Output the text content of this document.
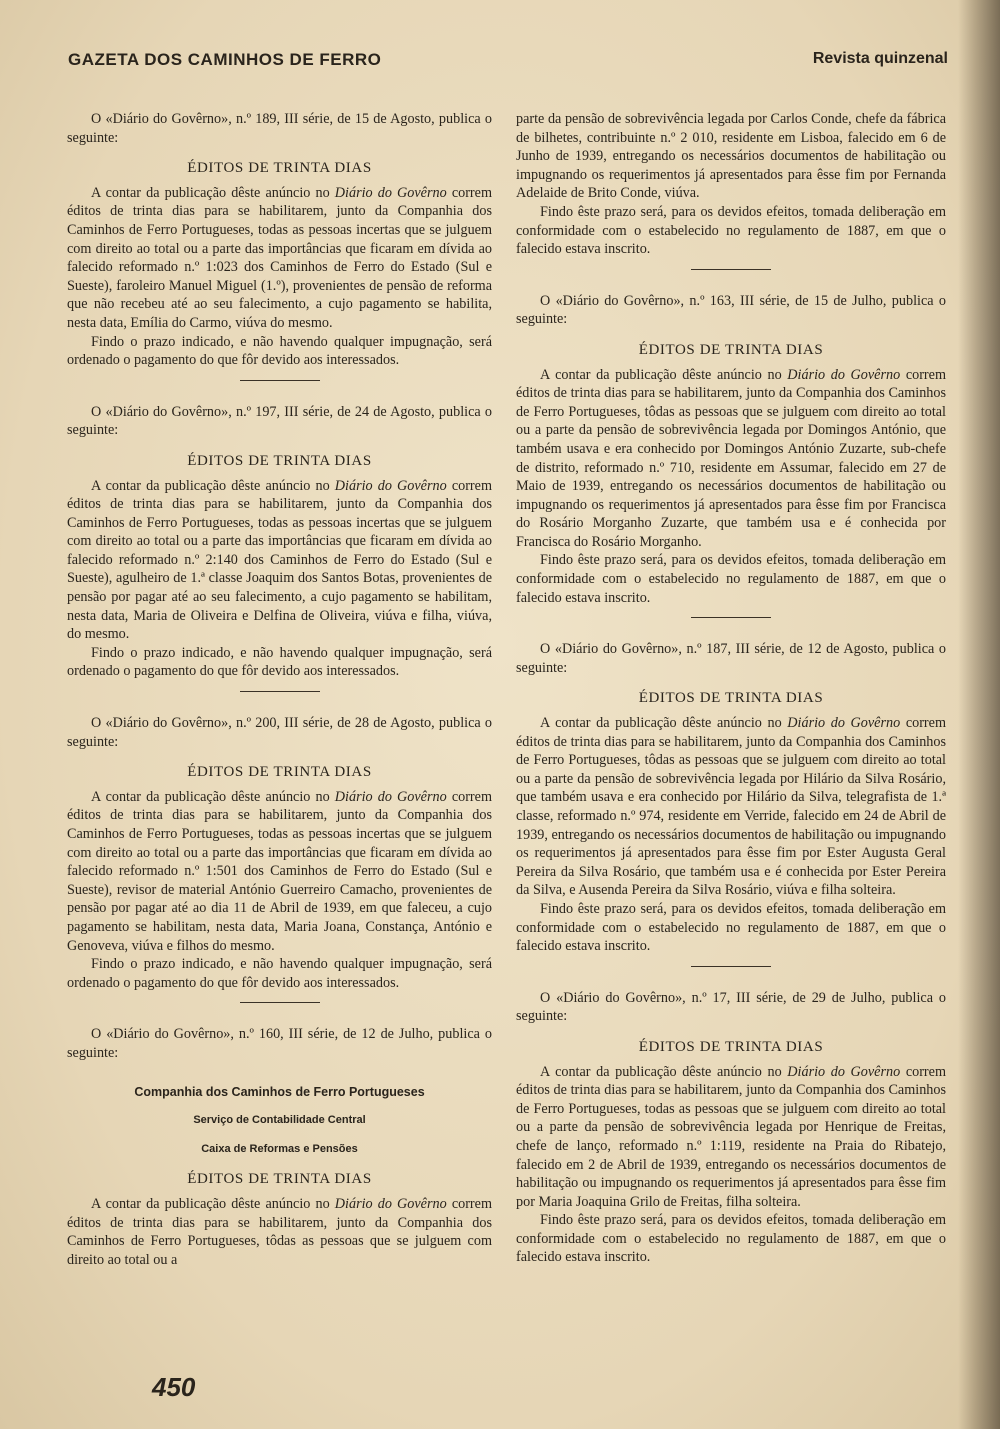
GAZETA DOS CAMINHOS DE FERRO	Revista quinzenal

O «Diário do Govêrno», n.º 189, III série, de 15 de Agosto, publica o seguinte:

ÉDITOS DE TRINTA DIAS

A contar da publicação dêste anúncio no Diário do Govêrno correm éditos de trinta dias para se habilitarem, junto da Companhia dos Caminhos de Ferro Portugueses, todas as pessoas incertas que se julguem com direito ao total ou a parte das importâncias que ficaram em dívida ao falecido reformado n.º 1:023 dos Caminhos de Ferro do Estado (Sul e Sueste), faroleiro Manuel Miguel (1.º), provenientes de pensão de reforma que não recebeu até ao seu falecimento, a cujo pagamento se habilita, nesta data, Emília do Carmo, viúva do mesmo.

Findo o prazo indicado, e não havendo qualquer impugnação, será ordenado o pagamento do que fôr devido aos interessados.

O «Diário do Govêrno», n.º 197, III série, de 24 de Agosto, publica o seguinte:

ÉDITOS DE TRINTA DIAS

A contar da publicação dêste anúncio no Diário do Govêrno correm éditos de trinta dias para se habilitarem, junto da Companhia dos Caminhos de Ferro Portugueses, todas as pessoas incertas que se julguem com direito ao total ou a parte das importâncias que ficaram em dívida ao falecido reformado n.º 2:140 dos Caminhos de Ferro do Estado (Sul e Sueste), agulheiro de 1.ª classe Joaquim dos Santos Botas, provenientes de pensão por pagar até ao seu falecimento, a cujo pagamento se habilitam, nesta data, Maria de Oliveira e Delfina de Oliveira, viúva e filha, viúva, do mesmo.

Findo o prazo indicado, e não havendo qualquer impugnação, será ordenado o pagamento do que fôr devido aos interessados.

O «Diário do Govêrno», n.º 200, III série, de 28 de Agosto, publica o seguinte:

ÉDITOS DE TRINTA DIAS

A contar da publicação dêste anúncio no Diário do Govêrno correm éditos de trinta dias para se habilitarem, junto da Companhia dos Caminhos de Ferro Portugueses, todas as pessoas incertas que se julguem com direito ao total ou a parte das importâncias que ficaram em dívida ao falecido reformado n.º 1:501 dos Caminhos de Ferro do Estado (Sul e Sueste), revisor de material António Guerreiro Camacho, provenientes de pensão por pagar até ao dia 11 de Abril de 1939, em que faleceu, a cujo pagamento se habilitam, nesta data, Maria Joana, Constança, António e Genoveva, viúva e filhos do mesmo.

Findo o prazo indicado, e não havendo qualquer impugnação, será ordenado o pagamento do que fôr devido aos interessados.

O «Diário do Govêrno», n.º 160, III série, de 12 de Julho, publica o seguinte:

Companhia dos Caminhos de Ferro Portugueses
Serviço de Contabilidade Central
Caixa de Reformas e Pensões
ÉDITOS DE TRINTA DIAS

A contar da publicação dêste anúncio no Diário do Govêrno correm éditos de trinta dias para se habilitarem, junto da Companhia dos Caminhos de Ferro Portugueses, tôdas as pessoas que se julguem com direito ao total ou a

parte da pensão de sobrevivência legada por Carlos Conde, chefe da fábrica de bilhetes, contribuinte n.º 2 010, residente em Lisboa, falecido em 6 de Junho de 1939, entregando os necessários documentos de habilitação ou impugnando os requerimentos já apresentados para êsse fim por Fernanda Adelaide de Brito Conde, viúva.

Findo êste prazo será, para os devidos efeitos, tomada deliberação em conformidade com o estabelecido no regulamento de 1887, em que o falecido estava inscrito.

O «Diário do Govêrno», n.º 163, III série, de 15 de Julho, publica o seguinte:

ÉDITOS DE TRINTA DIAS

A contar da publicação dêste anúncio no Diário do Govêrno correm éditos de trinta dias para se habilitarem, junto da Companhia dos Caminhos de Ferro Portugueses, tôdas as pessoas que se julguem com direito ao total ou a parte da pensão de sobrevivência legada por Domingos António, que também usava e era conhecido por Domingos António Zuzarte, sub-chefe de distrito, reformado n.º 710, residente em Assumar, falecido em 27 de Maio de 1939, entregando os necessários documentos de habilitação ou impugnando os requerimentos já apresentados para êsse fim por Francisca do Rosário Morganho Zuzarte, que também usa e é conhecida por Francisca do Rosário Morganho.

Findo êste prazo será, para os devidos efeitos, tomada deliberação em conformidade com o estabelecido no regulamento de 1887, em que o falecido estava inscrito.

O «Diário do Govêrno», n.º 187, III série, de 12 de Agosto, publica o seguinte:

ÉDITOS DE TRINTA DIAS

A contar da publicação dêste anúncio no Diário do Govêrno correm éditos de trinta dias para se habilitarem, junto da Companhia dos Caminhos de Ferro Portugueses, tôdas as pessoas que se julguem com direito ao total ou a parte da pensão de sobrevivência legada por Hilário da Silva Rosário, que também usava e era conhecido por Hilário da Silva, telegrafista de 1.ª classe, reformado n.º 974, residente em Verride, falecido em 24 de Abril de 1939, entregando os necessários documentos de habilitação ou impugnando os requerimentos já apresentados para êsse fim por Ester Augusta Geral Pereira da Silva Rosário, que também usa e é conhecida por Ester Pereira da Silva, e Ausenda Pereira da Silva Rosário, viúva e filha solteira.

Findo êste prazo será, para os devidos efeitos, tomada deliberação em conformidade com o estabelecido no regulamento de 1887, em que o falecido estava inscrito.

O «Diário do Govêrno», n.º 17, III série, de 29 de Julho, publica o seguinte:

ÉDITOS DE TRINTA DIAS

A contar da publicação dêste anúncio no Diário do Govêrno correm éditos de trinta dias para se habilitarem, junto da Companhia dos Caminhos de Ferro Portugueses, todas as pessoas que se julguem com direito ao total ou a parte da pensão de sobrevivência legada por Henrique de Freitas, chefe de lanço, reformado n.º 1:119, residente na Praia do Ribatejo, falecido em 2 de Abril de 1939, entregando os necessários documentos de habilitação ou impugnando os requerimentos já apresentados para êsse fim por Maria Joaquina Grilo de Freitas, filha solteira.

Findo êste prazo será, para os devidos efeitos, tomada deliberação em conformidade com o estabelecido no regulamento de 1887, em que o falecido estava inscrito.

450
